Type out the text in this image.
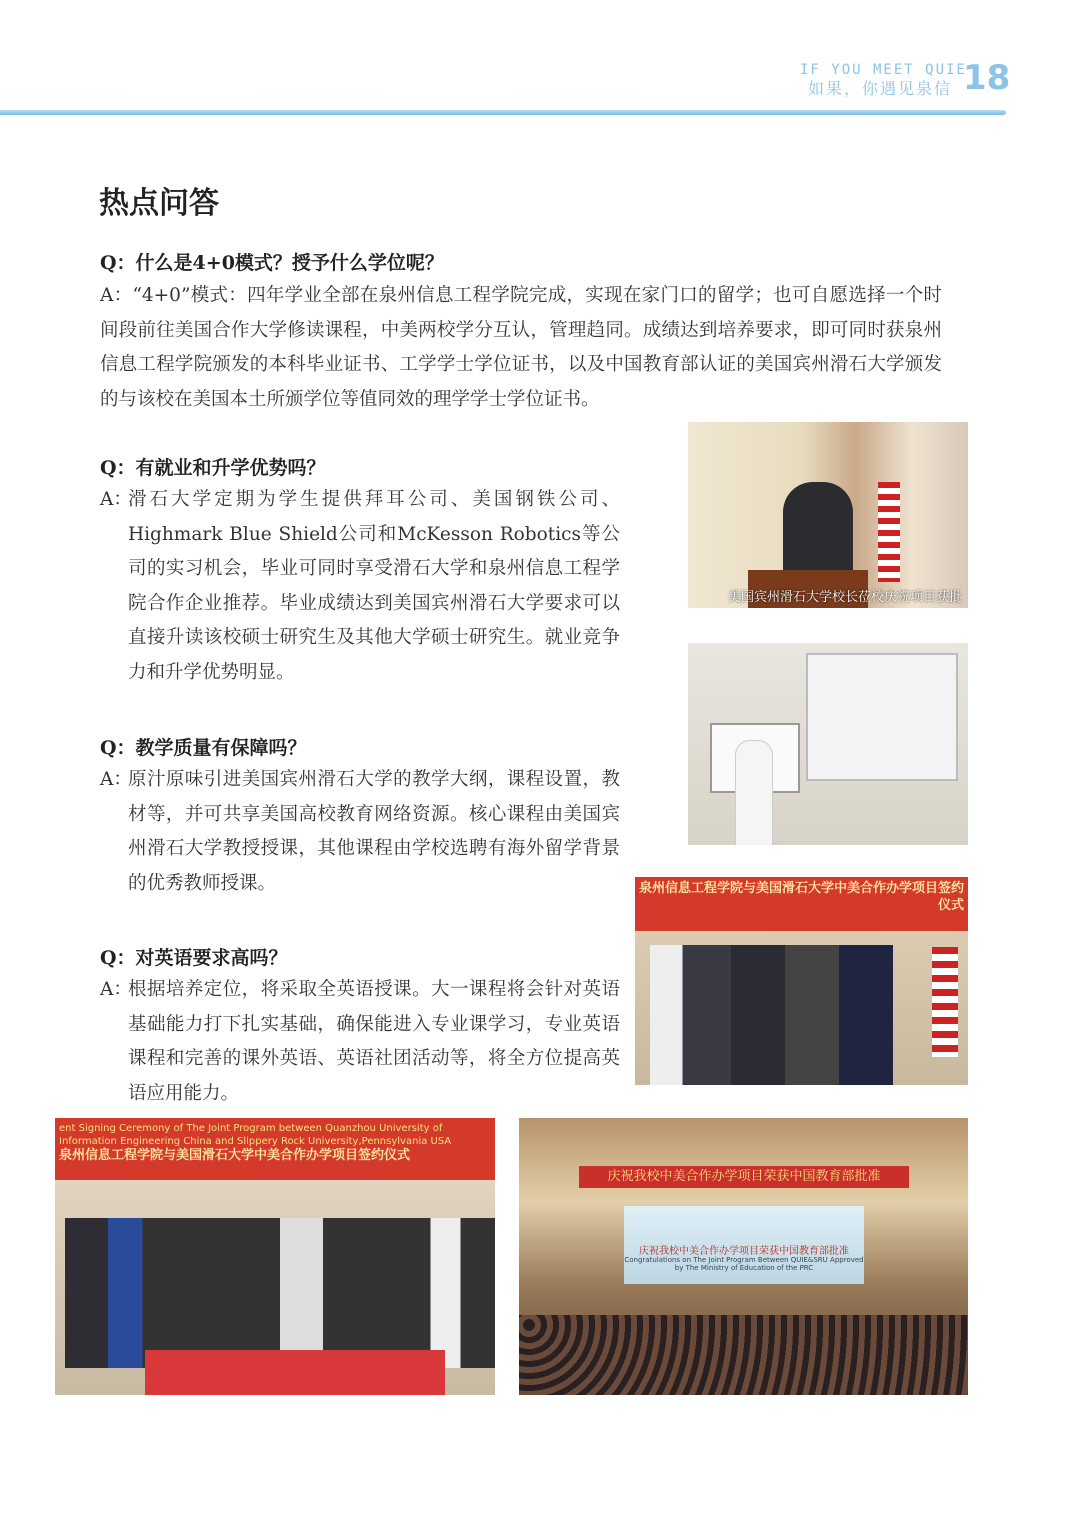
IF YOU MEET QUIE
如果，你遇见泉信 18
热点问答
Q：什么是4+0模式？授予什么学位呢？
A：“4+0”模式：四年学业全部在泉州信息工程学院完成，实现在家门口的留学；也可自愿选择一个时间段前往美国合作大学修读课程，中美两校学分互认，管理趋同。成绩达到培养要求，即可同时获泉州信息工程学院颁发的本科毕业证书、工学学士学位证书，以及中国教育部认证的美国宾州滑石大学颁发的与该校在美国本土所颁学位等值同效的理学学士学位证书。
Q：有就业和升学优势吗？
A：
滑石大学定期为学生提供拜耳公司、美国钢铁公司、Highmark Blue Shield公司和McKesson Robotics等公司的实习机会，毕业可同时享受滑石大学和泉州信息工程学院合作企业推荐。毕业成绩达到美国宾州滑石大学要求可以直接升读该校硕士研究生及其他大学硕士研究生。就业竞争力和升学优势明显。
Q：教学质量有保障吗？
A：
原汁原味引进美国宾州滑石大学的教学大纲，课程设置，教材等，并可共享美国高校教育网络资源。核心课程由美国宾州滑石大学教授授课，其他课程由学校选聘有海外留学背景的优秀教师授课。
Q：对英语要求高吗？
A：
根据培养定位，将采取全英语授课。大一课程将会针对英语基础能力打下扎实基础，确保能进入专业课学习，专业英语课程和完善的课外英语、英语社团活动等，将全方位提高英语应用能力。
美国宾州滑石大学校长莅校庆祝项目获批
泉州信息工程学院与美国滑石大学中美合作办学项目签约仪式
ent Signing Ceremony of The Joint Program between Quanzhou University of Information Engineering China and Slippery Rock University,Pennsylvania USA
泉州信息工程学院与美国滑石大学中美合作办学项目签约仪式
庆祝我校中美合作办学项目荣获中国教育部批准
庆祝我校中美合作办学项目荣获中国教育部批准
Congratulations on The Joint Program Between QUIE&SRU Approved by The Ministry of Education of the PRC
